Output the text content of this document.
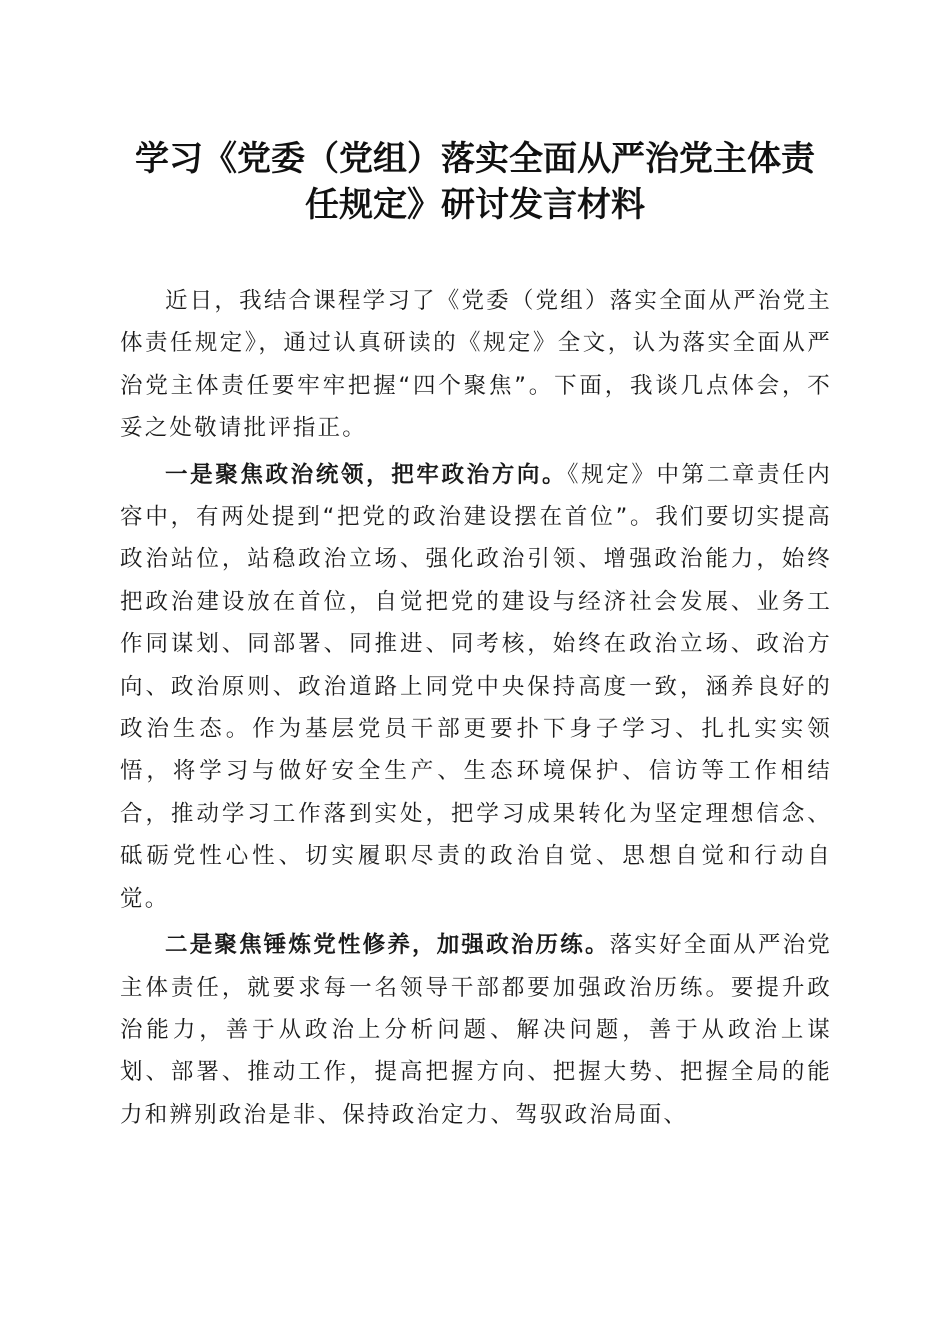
学习《党委（党组）落实全面从严治党主体责
任规定》研讨发言材料

近日，我结合课程学习了《党委（党组）落实全面从严治党主体责任规定》，通过认真研读的《规定》全文，认为落实全面从严治党主体责任要牢牢把握“四个聚焦”。下面，我谈几点体会，不妥之处敬请批评指正。

一是聚焦政治统领，把牢政治方向。《规定》中第二章责任内容中，有两处提到“把党的政治建设摆在首位”。我们要切实提高政治站位，站稳政治立场、强化政治引领、增强政治能力，始终把政治建设放在首位，自觉把党的建设与经济社会发展、业务工作同谋划、同部署、同推进、同考核，始终在政治立场、政治方向、政治原则、政治道路上同党中央保持高度一致，涵养良好的政治生态。作为基层党员干部更要扑下身子学习、扎扎实实领悟，将学习与做好安全生产、生态环境保护、信访等工作相结合，推动学习工作落到实处，把学习成果转化为坚定理想信念、砥砺党性心性、切实履职尽责的政治自觉、思想自觉和行动自觉。

二是聚焦锤炼党性修养，加强政治历练。落实好全面从严治党主体责任，就要求每一名领导干部都要加强政治历练。要提升政治能力，善于从政治上分析问题、解决问题，善于从政治上谋划、部署、推动工作，提高把握方向、把握大势、把握全局的能力和辨别政治是非、保持政治定力、驾驭政治局面、
